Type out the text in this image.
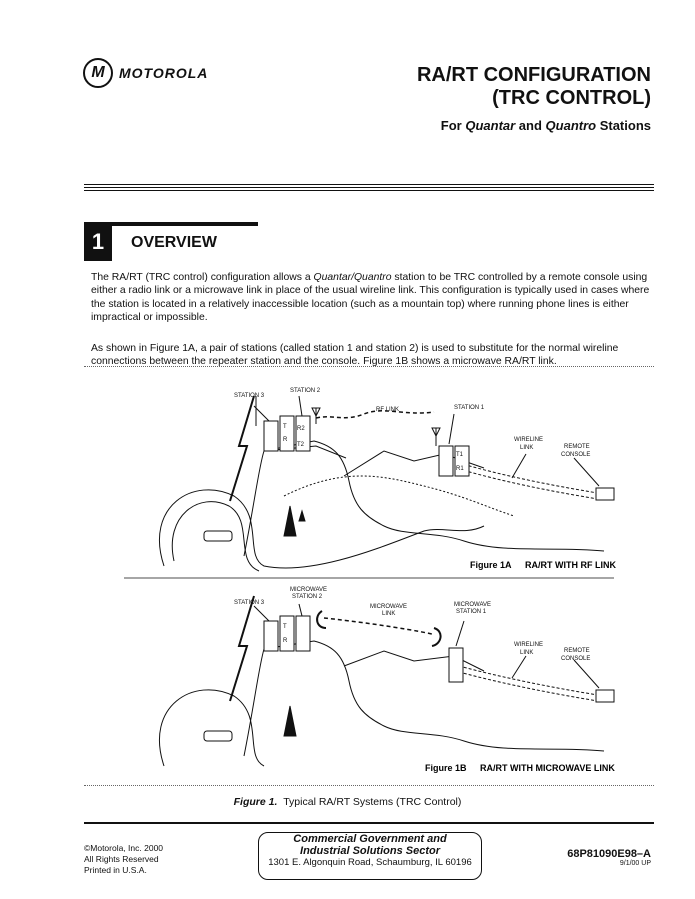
M	MOTOROLA	RA/RT CONFIGURATION
(TRC CONTROL)
For Quantar and Quantro Stations
1	OVERVIEW
The RA/RT (TRC control) configuration allows a Quantar/Quantro station to be TRC controlled by a remote console using either a radio link or a microwave link in place of the usual wireline link. This configuration is typically used in cases where the station is located in a relatively inaccessible location (such as a mountain top) where running phone lines is either impractical or impossible.
As shown in Figure 1A, a pair of stations (called station 1 and station 2) is used to substitute for the normal wireline connections between the repeater station and the console. Figure 1B shows a microwave RA/RT link.
STATION 3
STATION 2
RF LINK	STATION 1
WIRELINE
LINK	REMOTE
CONSOLE
T
R
R2
T2
T1
R1
Figure 1A RA/RT WITH RF LINK
STATION 3
MICROWAVE
STATION 2
MICROWAVE
LINK
MICROWAVE
STATION 1
WIRELINE
LINK	REMOTE
CONSOLE
T
R
Figure 1B RA/RT WITH MICROWAVE LINK
Figure 1. Typical RA/RT Systems (TRC Control)
©Motorola, Inc. 2000
All Rights Reserved
Printed in U.S.A.
Commercial Government and
Industrial Solutions Sector
1301 E. Algonquin Road, Schaumburg, IL 60196
68P81090E98–A
9/1/00 UP
